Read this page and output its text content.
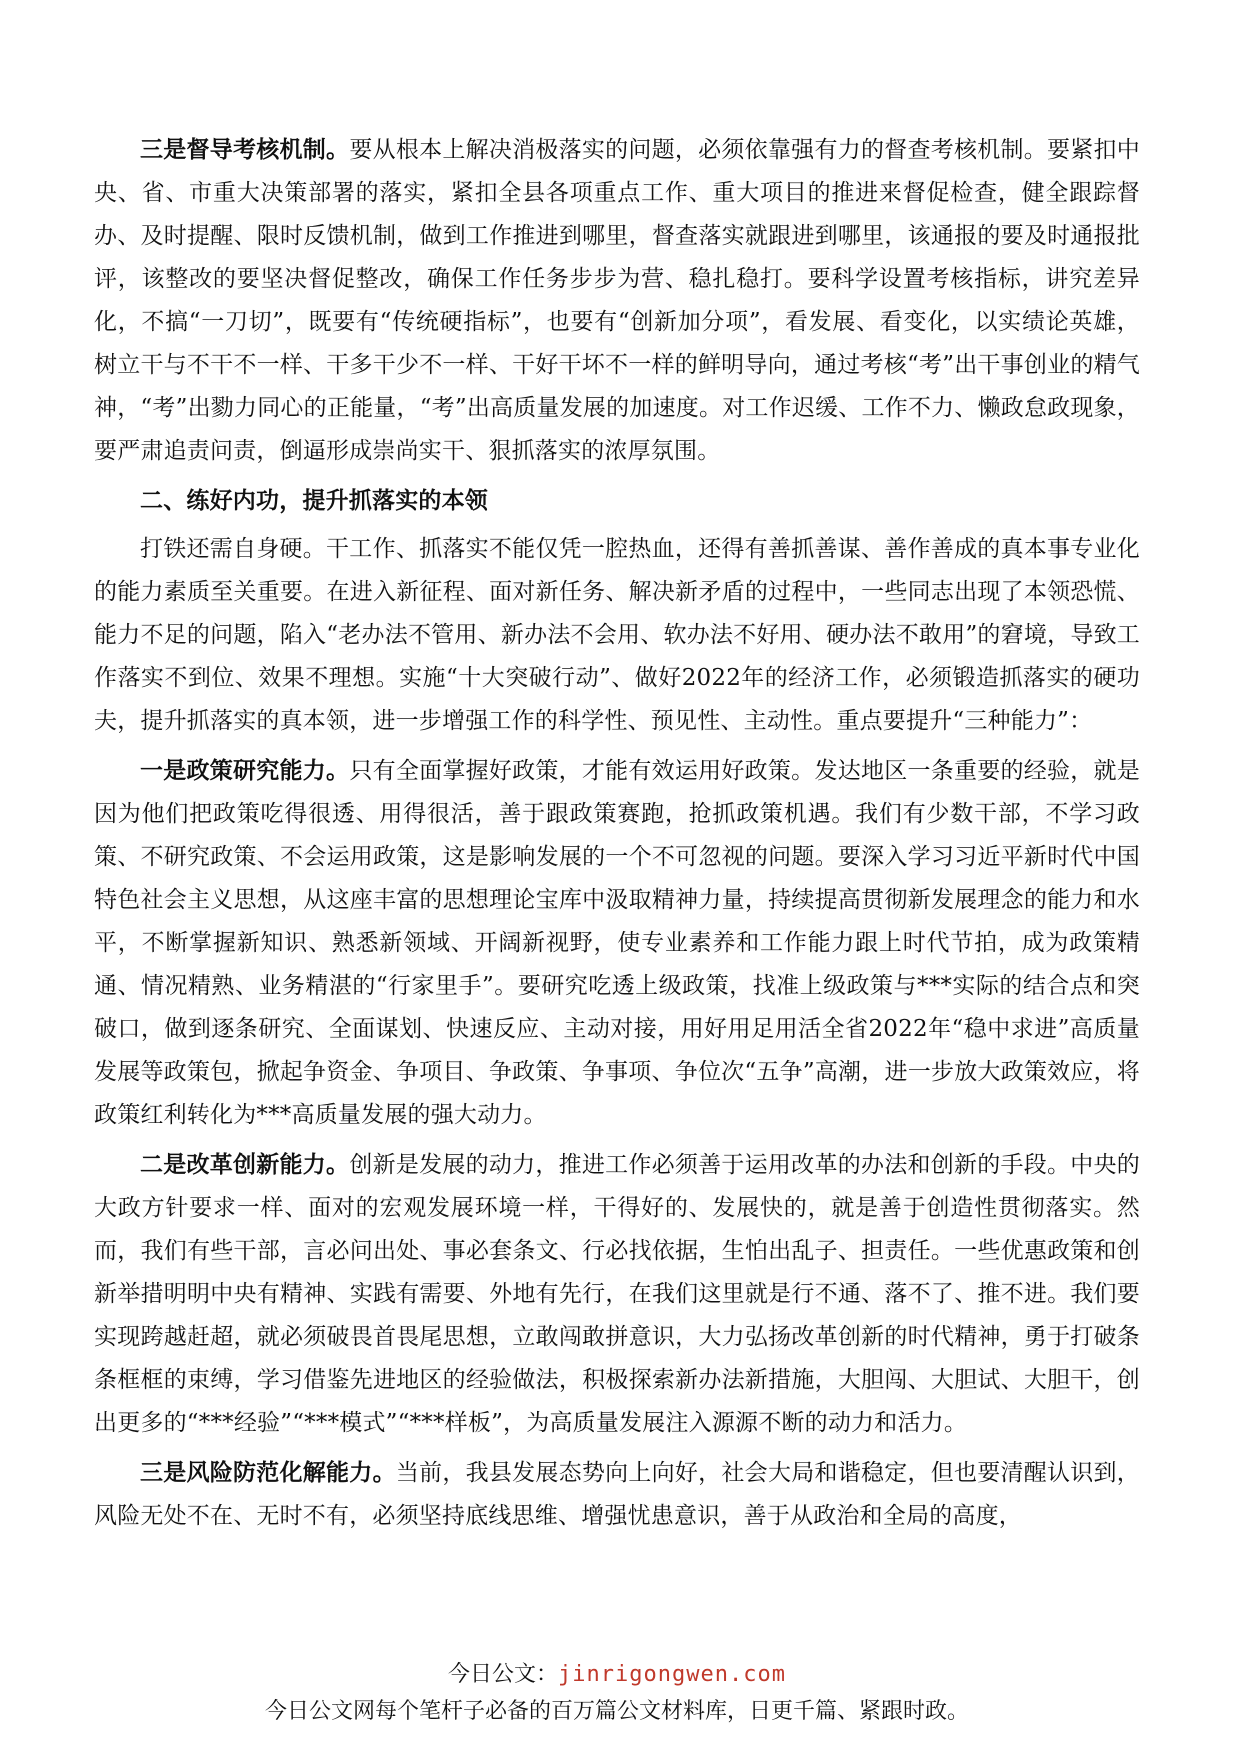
三是督导考核机制。要从根本上解决消极落实的问题，必须依靠强有力的督查考核机制。要紧扣中央、省、市重大决策部署的落实，紧扣全县各项重点工作、重大项目的推进来督促检查，健全跟踪督办、及时提醒、限时反馈机制，做到工作推进到哪里，督查落实就跟进到哪里，该通报的要及时通报批评，该整改的要坚决督促整改，确保工作任务步步为营、稳扎稳打。要科学设置考核指标，讲究差异化，不搞“一刀切”，既要有“传统硬指标”，也要有“创新加分项”，看发展、看变化，以实绩论英雄，树立干与不干不一样、干多干少不一样、干好干坏不一样的鲜明导向，通过考核“考”出干事创业的精气神，“考”出勠力同心的正能量，“考”出高质量发展的加速度。对工作迟缓、工作不力、懒政怠政现象，要严肃追责问责，倒逼形成崇尚实干、狠抓落实的浓厚氛围。

二、练好内功，提升抓落实的本领

打铁还需自身硬。干工作、抓落实不能仅凭一腔热血，还得有善抓善谋、善作善成的真本事专业化的能力素质至关重要。在进入新征程、面对新任务、解决新矛盾的过程中，一些同志出现了本领恐慌、能力不足的问题，陷入“老办法不管用、新办法不会用、软办法不好用、硬办法不敢用”的窘境，导致工作落实不到位、效果不理想。实施“十大突破行动”、做好2022年的经济工作，必须锻造抓落实的硬功夫，提升抓落实的真本领，进一步增强工作的科学性、预见性、主动性。重点要提升“三种能力”：

一是政策研究能力。只有全面掌握好政策，才能有效运用好政策。发达地区一条重要的经验，就是因为他们把政策吃得很透、用得很活，善于跟政策赛跑，抢抓政策机遇。我们有少数干部，不学习政策、不研究政策、不会运用政策，这是影响发展的一个不可忽视的问题。要深入学习习近平新时代中国特色社会主义思想，从这座丰富的思想理论宝库中汲取精神力量，持续提高贯彻新发展理念的能力和水平，不断掌握新知识、熟悉新领域、开阔新视野，使专业素养和工作能力跟上时代节拍，成为政策精通、情况精熟、业务精湛的“行家里手”。要研究吃透上级政策，找准上级政策与***实际的结合点和突破口，做到逐条研究、全面谋划、快速反应、主动对接，用好用足用活全省2022年“稳中求进”高质量发展等政策包，掀起争资金、争项目、争政策、争事项、争位次“五争”高潮，进一步放大政策效应，将政策红利转化为***高质量发展的强大动力。

二是改革创新能力。创新是发展的动力，推进工作必须善于运用改革的办法和创新的手段。中央的大政方针要求一样、面对的宏观发展环境一样，干得好的、发展快的，就是善于创造性贯彻落实。然而，我们有些干部，言必问出处、事必套条文、行必找依据，生怕出乱子、担责任。一些优惠政策和创新举措明明中央有精神、实践有需要、外地有先行，在我们这里就是行不通、落不了、推不进。我们要实现跨越赶超，就必须破畏首畏尾思想，立敢闯敢拼意识，大力弘扬改革创新的时代精神，勇于打破条条框框的束缚，学习借鉴先进地区的经验做法，积极探索新办法新措施，大胆闯、大胆试、大胆干，创出更多的“***经验”“***模式”“***样板”，为高质量发展注入源源不断的动力和活力。

三是风险防范化解能力。当前，我县发展态势向上向好，社会大局和谐稳定，但也要清醒认识到，风险无处不在、无时不有，必须坚持底线思维、增强忧患意识，善于从政治和全局的高度，

今日公文：jinrigongwen.com
今日公文网每个笔杆子必备的百万篇公文材料库，日更千篇、紧跟时政。
